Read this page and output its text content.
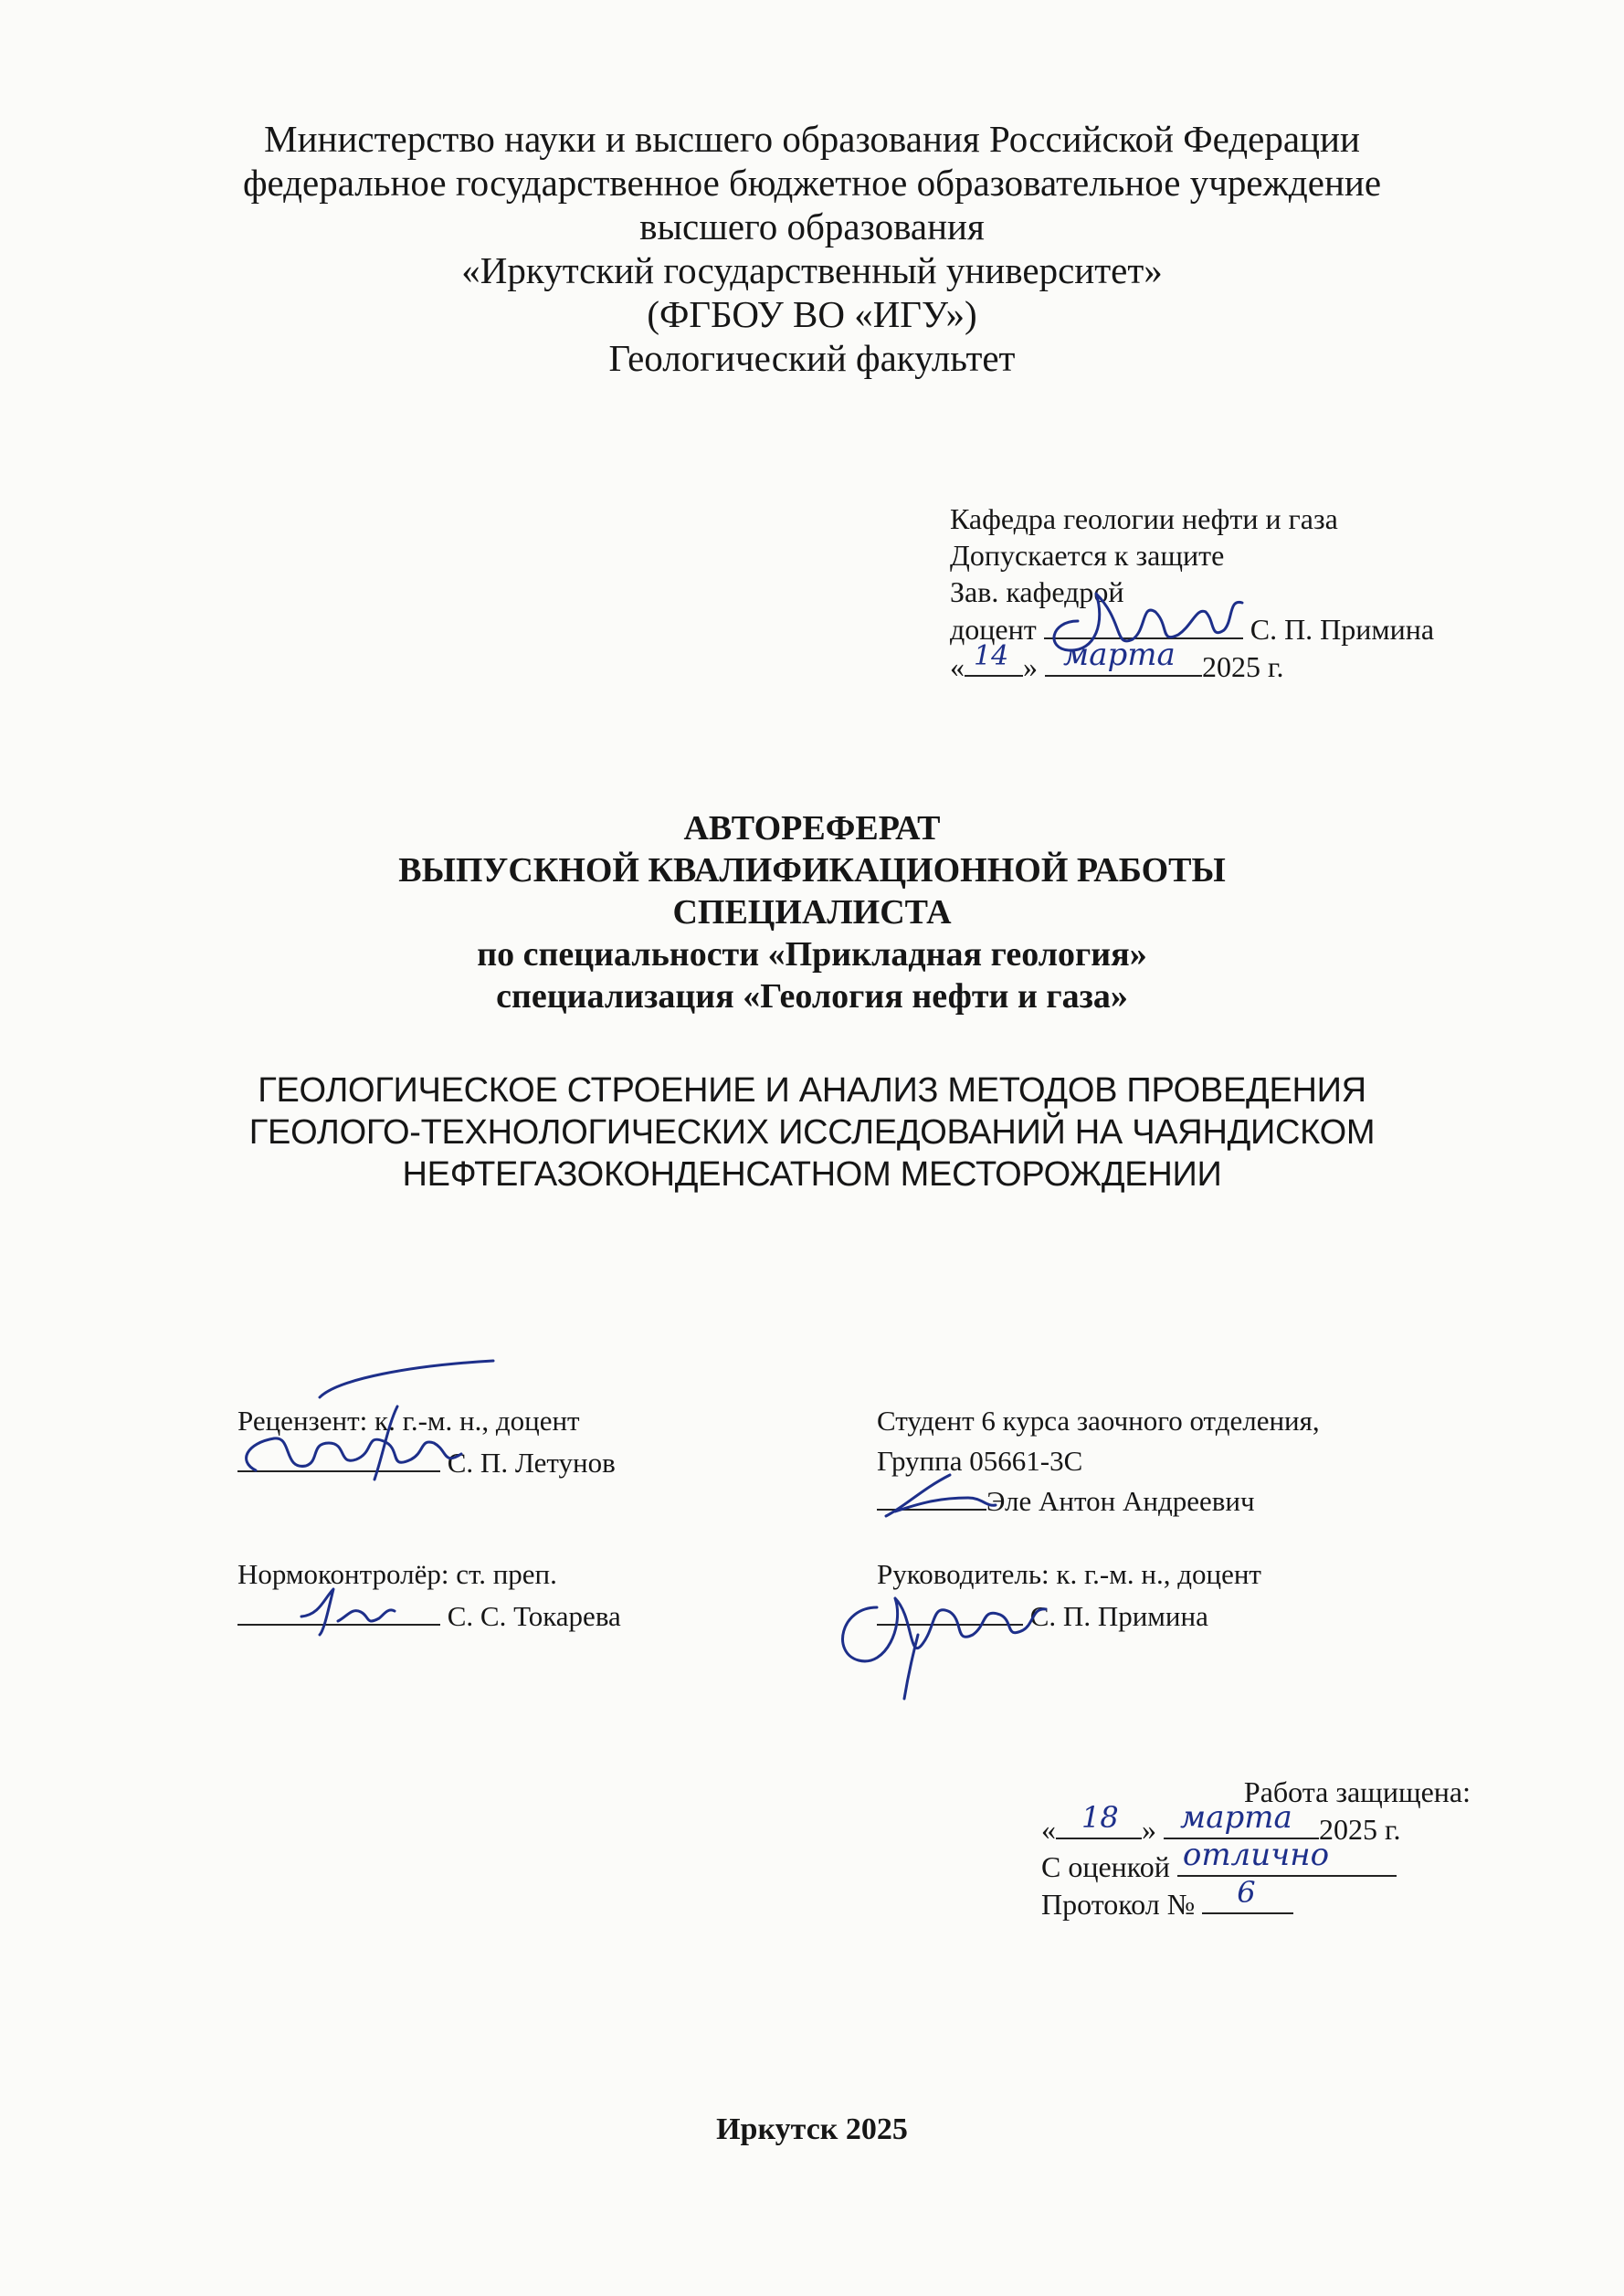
Министерство науки и высшего образования Российской Федерации
федеральное государственное бюджетное образовательное учреждение
высшего образования
«Иркутский государственный университет»
(ФГБОУ ВО «ИГУ»)
Геологический факультет
Кафедра геологии нефти и газа
Допускается к защите
Зав. кафедрой
доцент	С. П. Примина
« 14 » марта 2025 г.
АВТОРЕФЕРАТ
ВЫПУСКНОЙ КВАЛИФИКАЦИОННОЙ РАБОТЫ
СПЕЦИАЛИСТА
по специальности «Прикладная геология»
специализация «Геология нефти и газа»
ГЕОЛОГИЧЕСКОЕ СТРОЕНИЕ И АНАЛИЗ МЕТОДОВ ПРОВЕДЕНИЯ
ГЕОЛОГО-ТЕХНОЛОГИЧЕСКИХ ИССЛЕДОВАНИЙ НА ЧАЯНДИСКОМ
НЕФТЕГАЗОКОНДЕНСАТНОМ МЕСТОРОЖДЕНИИ
Рецензент: к. г.-м. н., доцент
С. П. Летунов
Студент 6 курса заочного отделения,
Группа 05661-3С
Эле Антон Андреевич
Нормоконтролёр: ст. преп.
С. С. Токарева
Руководитель: к. г.-м. н., доцент
С. П. Примина
Работа защищена:
« 18 » марта 2025 г.
С оценкой отлично
Протокол № 6
Иркутск 2025
